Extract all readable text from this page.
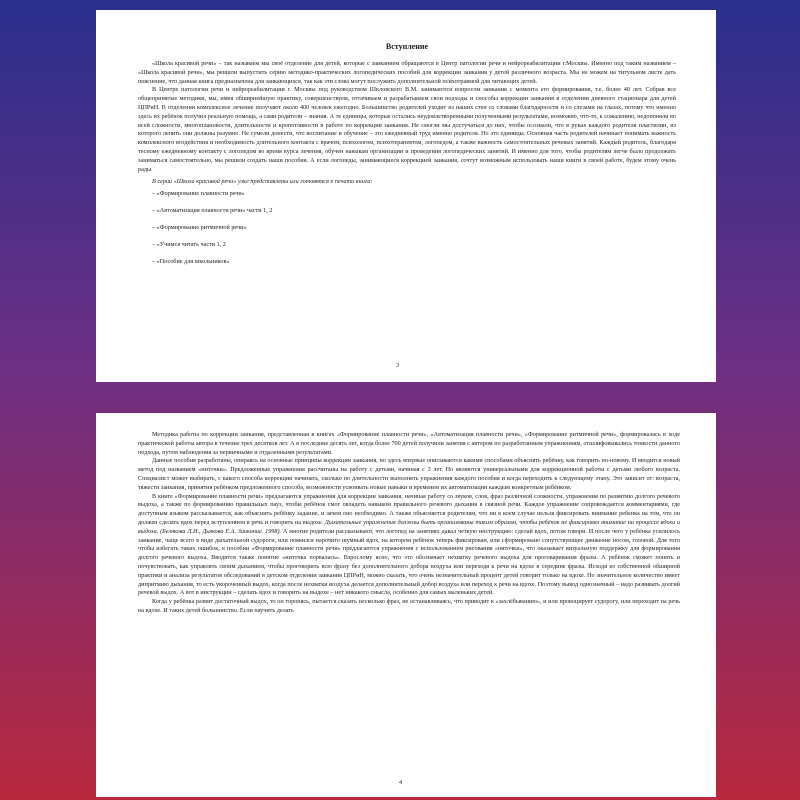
Вступление

«Школа красивой речи» – так называем мы своё отделение для детей, которые с заиканием обращаются в Центр патологии речи и нейрореабилитации г.Москвы. Именно под таким названием – «Школа красивой речи», мы решили выпустить серию методико-практических логопедических пособий для коррекции заикания у детей различного возраста. Мы не можем на титульном листе дать пояснение, что данная книга предназначена для заикающихся, так как эти слова могут послужить дополнительной психотравмой для читающих детей.

В Центре патологии речи и нейрореабилитации г. Москвы под руководством Шкловского В.М. занимаются вопросом заикания с момента его формирования, т.е. более 40 лет. Собрав все общепринятые методики, мы, имея обширнейшую практику, совершенствуем, оттачиваем и разрабатываем свои подходы и способы коррекции заикания в отделении дневного стационара для детей ЦПРиН. В отделении комплексное лечение получают около 400 человек ежегодно. Большинство родителей уходит из наших стен со словами благодарности и со слезами на глазах, потому что именно здесь их ребёнок получил реальную помощь, а сами родители – знания. А те единицы, которые остались неудовлетворенными полученными результатами, возможно, что-то, к сожалению, недопоняли во всей сложности, многоплановости, длительности и кропотливости в работе по коррекции заикания. Не смогли мы достучаться до них, чтобы осознали, что в руках каждого родителя пластилин, из которого лепить они должны разумно. Не сумели донести, что воспитание и обучение – это ежедневный труд именно родителя. Но это единицы. Основная часть родителей начинает понимать важность комплексного воздействия и необходимость длительного контакта с врачом, психологом, психотерапевтом, логопедом, а также важность самостоятельных речевых занятий. Каждый родитель, благодаря тесному ежедневному контакту с логопедом во время курса лечения, обучен навыкам организации и проведения логопедических занятий. И именно для того, чтобы родителям легче было продолжать заниматься самостоятельно, мы решили создать наши пособия. А если логопеды, занимающиеся коррекцией заикания, сочтут возможным использовать наши книги в своей работе, будем этому очень рады.

В серии «Школа красивой речи» уже представлены или готовятся к печати книги:

– «Формирование плавности речи»
– «Автоматизация плавности речи» части 1, 2
– «Формирование ритмичной речи»
– «Учимся читать части 1, 2
– «Пособие для школьников»
3

Методика работы по коррекции заикания, представленная в книгах «Формирование плавности речи», «Автоматизация плавности речи», «Формирование ритмичной речи», формировалась в ходе практической работы автора в течение трех десятков лет. А в последние десять лет, когда более 700 детей получили занятия с автором по разработанным упражнениям, отшлифовывались тонкости данного подхода, путем наблюдения за первичными и отдаленными результатами.

Данные пособия разработаны, опираясь на основные принципы коррекции заикания, но здесь впервые описываются какими способами объяснять ребёнку, как говорить по-новому. И вводится новый метод под названием «ниточки». Предложенные упражнения рассчитаны на работу с детьми, начиная с 3 лет. Но являются универсальными для коррекционной работы с детьми любого возраста. Специалист может выбирать, с какого способа коррекции начинать, сколько по длительности выполнять упражнения каждого пособия и когда переходить к следующему этапу. Это зависит от: возраста, тяжести заикания, принятия ребёнком предложенного способа, возможности усвоивать новые навыки и временем их автоматизации каждым конкретным ребёнком.

В книге «Формирование плавности речи» предлагаются упражнения для коррекции заикания, начиная работу со звуков, слов, фраз различной сложности, упражнения по развитию долгого речевого выдоха, а также по формированию правильных пауз, чтобы ребёнок смог овладеть навыком правильного речевого дыхания в связной речи. Каждое упражнение сопровождается комментариями, где доступным языком рассказывается, как объяснить ребёнку задание, и зачем оно необходимо. А также объясняется родителям, что ни в коем случае нельзя фиксировать внимание ребенка на том, что он должен сделать вдох перед вступлением в речь и говорить на выдохе. Дыхательные упражнения должны быть организованы таким образом, чтобы ребёнок не фиксировал внимание на процессе вдоха и выдоха. (Белякова Л.И., Дьякова Е.А. Заикание. 1998). А многие родители рассказывают, что логопед на занятиях давал четкую инструкцию: сделай вдох, потом говори. И после чего у ребёнка усилилось заикание, чаще всего в виде дыхательной судороги, или появился нарочито шумный вдох, на котором ребёнок теперь фиксирован, или сформировано сопутствующее движение носом, головой. Для того чтобы избегать таких ошибок, в пособии «Формирование плавности речи» предлагаются упражнения с использованием рисования «ниточки», что оказывает визуальную поддержку для формирования долгого речевого выдоха. Вводится также понятие «ниточка порвалась». Взрослому ясно, что это обозначает нехватку речевого выдоха для проговаривания фразы. А ребёнок сможет понять и почувствовать, как управлять своим дыханием, чтобы проговорить всю фразу без дополнительного добора воздуха или переходя к речи на вдохе в середине фразы. Исходя из собственной обширной практики и анализа результатов обследований в детском отделении заикания ЦПРиН, можно сказать, что очень незначительный процент детей говорит только на вдохе. Но значительное количество имеет дипритмию дыхания, то есть укороченный выдох, когда после нехватки воздуха делается дополнительный добор воздуха или переход к речи на вдохе. Поэтому вывод однозначный – надо развивать долгий речевой выдох. А вот в инструкции – сделать вдох и говорить на выдохе – нет никакого смысла, особенно для самых маленьких детей.

Когда у ребёнка развит достаточный выдох, то он торопясь, пытается сказать несколько фраз, не останавливаясь, что приводит к «захлёбыванию», и или провоцирует судорогу, или переходит на речь на вдохе. И таких детей большинство. Если научить делать

4
